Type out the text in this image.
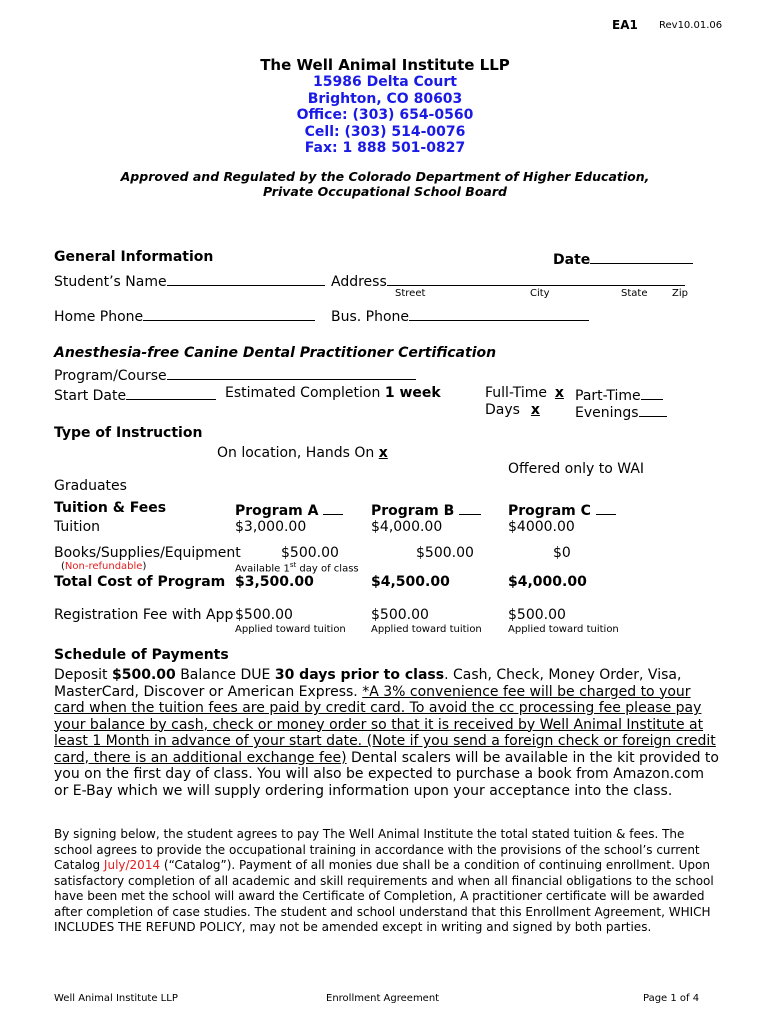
EA1 Rev10.01.06
The Well Animal Institute LLP
15986 Delta Court
Brighton, CO 80603
Office: (303) 654-0560
Cell: (303) 514-0076
Fax: 1 888 501-0827
Approved and Regulated by the Colorado Department of Higher Education,
Private Occupational School Board
General Information	Date
Student’s Name	Address
Street	City	State Zip
Home Phone	Bus. Phone
Anesthesia-free Canine Dental Practitioner Certification
Program/Course
Start Date	Estimated Completion 1 week	Full-Time x Part-Time
Days x	Evenings
Type of Instruction
On location, Hands On x
Offered only to WAI
Graduates
Tuition & Fees	Program A	Program B	Program C
Tuition	$3,000.00	$4,000.00	$4000.00
Books/Supplies/Equipment	$500.00	$500.00	$0
(Non-refundable)	Available 1st day of class
Total Cost of Program $3,500.00	$4,500.00	$4,000.00
Registration Fee with App $500.00	$500.00	$500.00
Applied toward tuition	Applied toward tuition	Applied toward tuition
Schedule of Payments
Deposit $500.00 Balance DUE 30 days prior to class. Cash, Check, Money Order, Visa, MasterCard, Discover or American Express. *A 3% convenience fee will be charged to your card when the tuition fees are paid by credit card. To avoid the cc processing fee please pay your balance by cash, check or money order so that it is received by Well Animal Institute at least 1 Month in advance of your start date. (Note if you send a foreign check or foreign credit card, there is an additional exchange fee) Dental scalers will be available in the kit provided to you on the first day of class. You will also be expected to purchase a book from Amazon.com or E-Bay which we will supply ordering information upon your acceptance into the class.
By signing below, the student agrees to pay The Well Animal Institute the total stated tuition & fees. The school agrees to provide the occupational training in accordance with the provisions of the school’s current Catalog July/2014 (“Catalog”). Payment of all monies due shall be a condition of continuing enrollment. Upon satisfactory completion of all academic and skill requirements and when all financial obligations to the school have been met the school will award the Certificate of Completion, A practitioner certificate will be awarded after completion of case studies. The student and school understand that this Enrollment Agreement, WHICH INCLUDES THE REFUND POLICY, may not be amended except in writing and signed by both parties.
Well Animal Institute LLP	Enrollment Agreement	Page 1 of 4
